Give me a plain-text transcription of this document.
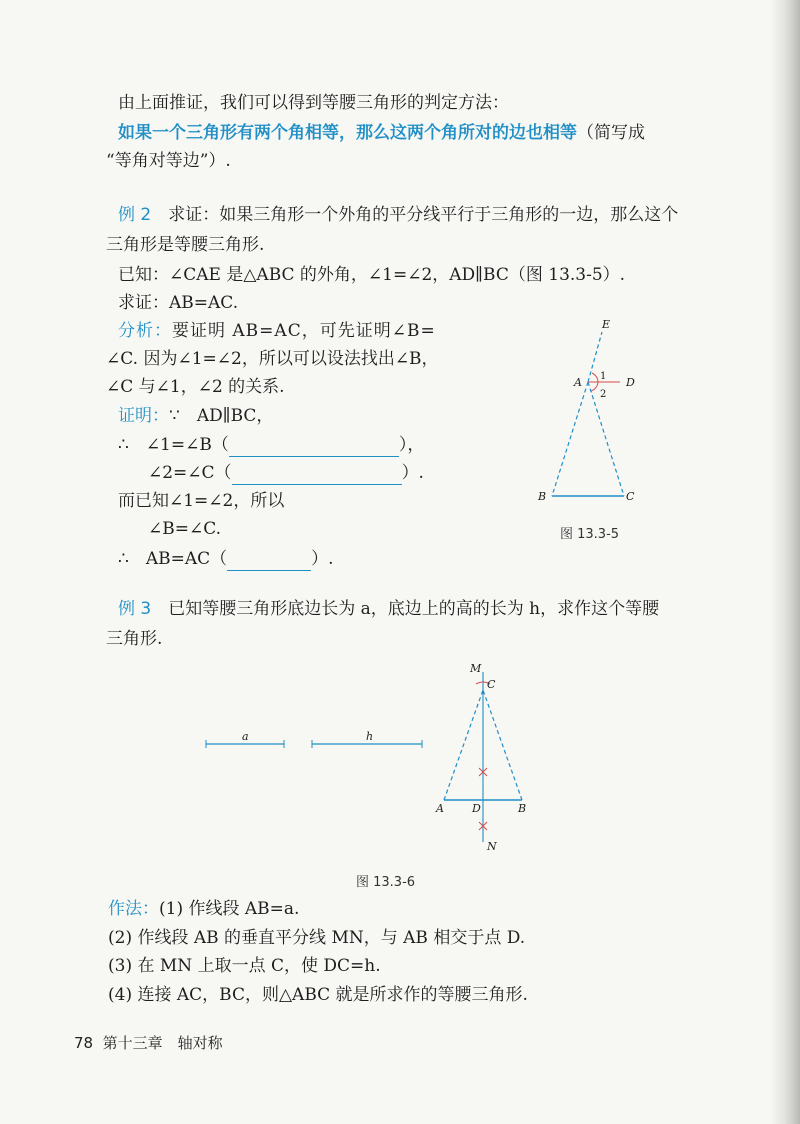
由上面推证，我们可以得到等腰三角形的判定方法：
如果一个三角形有两个角相等，那么这两个角所对的边也相等（简写成
“等角对等边”）.
例 2　 求证：如果三角形一个外角的平分线平行于三角形的一边，那么这个
三角形是等腰三角形.
已知：∠CAE 是△ABC 的外角，∠1=∠2，AD∥BC（图 13.3-5）.
求证：AB=AC.
分析：要证明 AB=AC，可先证明∠B=
∠C. 因为∠1=∠2，所以可以设法找出∠B，
∠C 与∠1，∠2 的关系.
证明：∵　AD∥BC，
∴　∠1=∠B（	），
∠2=∠C（	）.
而已知∠1=∠2，所以
∠B=∠C.
∴　AB=AC（	）.
E
A	D
1
2
B	C
图 13.3-5
例 3　 已知等腰三角形底边长为 a，底边上的高的长为 h，求作这个等腰
三角形.
a	h
M
C
A	D	B
N
图 13.3-6
作法：(1) 作线段 AB=a.
(2) 作线段 AB 的垂直平分线 MN，与 AB 相交于点 D.
(3) 在 MN 上取一点 C，使 DC=h.
(4) 连接 AC，BC，则△ABC 就是所求作的等腰三角形.
78 第十三章　轴对称
